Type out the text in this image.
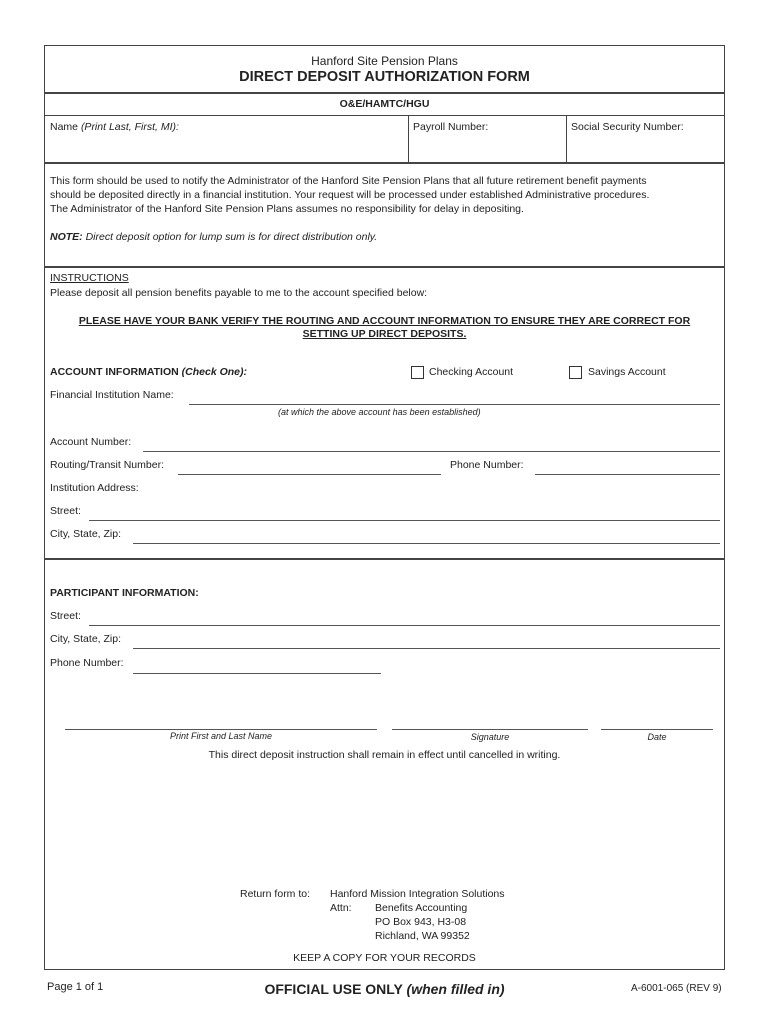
Hanford Site Pension Plans
DIRECT DEPOSIT AUTHORIZATION FORM
O&E/HAMTC/HGU
Name (Print Last, First, MI):	Payroll Number:	Social Security Number:
This form should be used to notify the Administrator of the Hanford Site Pension Plans that all future retirement benefit payments
should be deposited directly in a financial institution. Your request will be processed under established Administrative procedures.
The Administrator of the Hanford Site Pension Plans assumes no responsibility for delay in depositing.
NOTE: Direct deposit option for lump sum is for direct distribution only.
INSTRUCTIONS
Please deposit all pension benefits payable to me to the account specified below:
PLEASE HAVE YOUR BANK VERIFY THE ROUTING AND ACCOUNT INFORMATION TO ENSURE THEY ARE CORRECT FOR
SETTING UP DIRECT DEPOSITS.
ACCOUNT INFORMATION (Check One):	Checking Account	Savings Account
Financial Institution Name:
(at which the above account has been established)
Account Number:
Routing/Transit Number:	Phone Number:
Institution Address:
Street:
City, State, Zip:
PARTICIPANT INFORMATION:
Street:
City, State, Zip:
Phone Number:
Print First and Last Name	Signature	Date
This direct deposit instruction shall remain in effect until cancelled in writing.
Return form to: Hanford Mission Integration Solutions
Attn: Benefits Accounting
PO Box 943, H3-08
Richland, WA 99352
KEEP A COPY FOR YOUR RECORDS
Page 1 of 1	OFFICIAL USE ONLY (when filled in)	A-6001-065 (REV 9)
